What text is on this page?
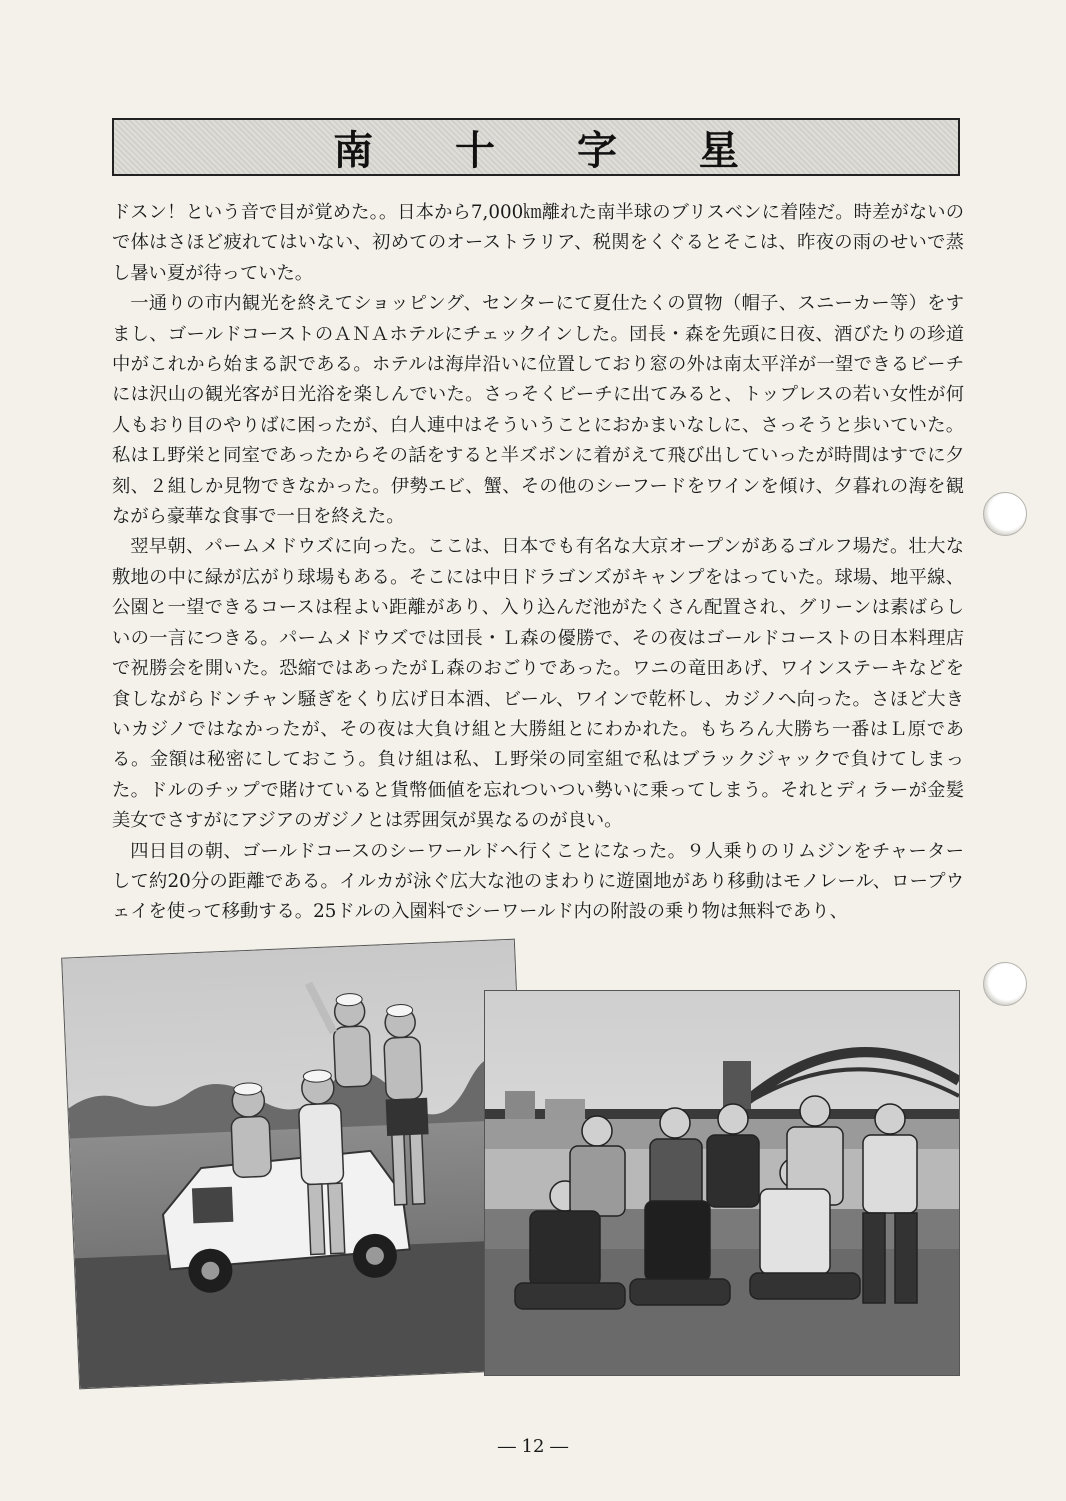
南 十 字 星

ドスン！という音で目が覚めた。。日本から7,000㎞離れた南半球のブリスベンに着陸だ。時差がないので体はさほど疲れてはいない、初めてのオーストラリア、税関をくぐるとそこは、昨夜の雨のせいで蒸し暑い夏が待っていた。

一通りの市内観光を終えてショッピング、センターにて夏仕たくの買物（帽子、スニーカー等）をすまし、ゴールドコーストのＡＮＡホテルにチェックインした。団長・森を先頭に日夜、酒びたりの珍道中がこれから始まる訳である。ホテルは海岸沿いに位置しており窓の外は南太平洋が一望できるビーチには沢山の観光客が日光浴を楽しんでいた。さっそくビーチに出てみると、トップレスの若い女性が何人もおり目のやりばに困ったが、白人連中はそういうことにおかまいなしに、さっそうと歩いていた。私はＬ野栄と同室であったからその話をすると半ズボンに着がえて飛び出していったが時間はすでに夕刻、２組しか見物できなかった。伊勢エビ、蟹、その他のシーフードをワインを傾け、夕暮れの海を観ながら豪華な食事で一日を終えた。

翌早朝、パームメドウズに向った。ここは、日本でも有名な大京オープンがあるゴルフ場だ。壮大な敷地の中に緑が広がり球場もある。そこには中日ドラゴンズがキャンプをはっていた。球場、地平線、公園と一望できるコースは程よい距離があり、入り込んだ池がたくさん配置され、グリーンは素ばらしいの一言につきる。パームメドウズでは団長・Ｌ森の優勝で、その夜はゴールドコーストの日本料理店で祝勝会を開いた。恐縮ではあったがＬ森のおごりであった。ワニの竜田あげ、ワインステーキなどを食しながらドンチャン騒ぎをくり広げ日本酒、ビール、ワインで乾杯し、カジノへ向った。さほど大きいカジノではなかったが、その夜は大負け組と大勝組とにわかれた。もちろん大勝ち一番はＬ原である。金額は秘密にしておこう。負け組は私、Ｌ野栄の同室組で私はブラックジャックで負けてしまった。ドルのチップで賭けていると貨幣価値を忘れついつい勢いに乗ってしまう。それとディラーが金髪美女でさすがにアジアのガジノとは雰囲気が異なるのが良い。

四日目の朝、ゴールドコースのシーワールドへ行くことになった。９人乗りのリムジンをチャーターして約20分の距離である。イルカが泳ぐ広大な池のまわりに遊園地があり移動はモノレール、ロープウェイを使って移動する。25ドルの入園料でシーワールド内の附設の乗り物は無料であり、

― 12 ―
